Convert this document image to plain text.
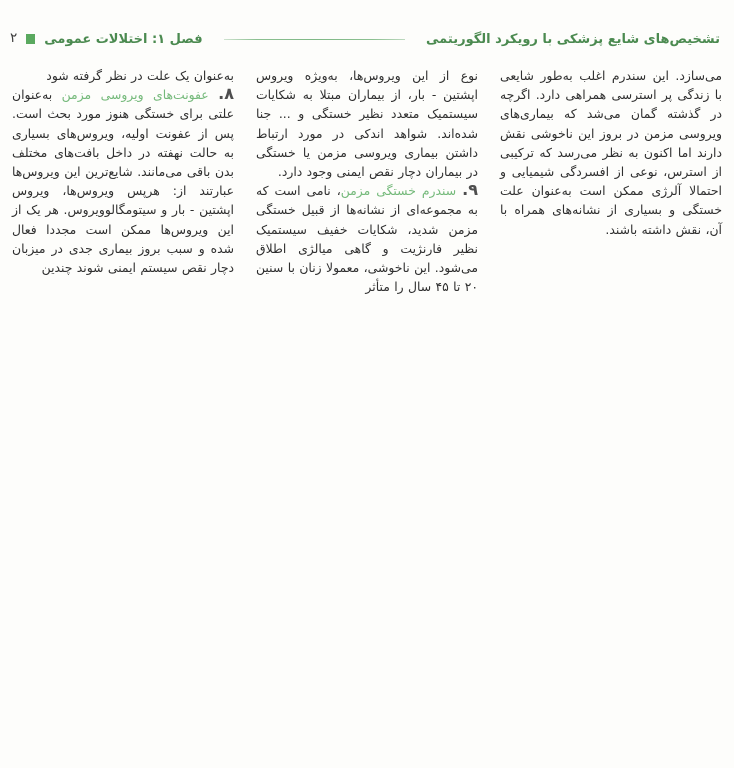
۲ فصل ۱: اختلالات عمومی	تشخیص‌های شایع پزشکی با رویکرد الگوریتمی

می‌سازد. این سندرم اغلب به‌طور شایعی با زندگی پر استرسی همراهی دارد. اگرچه در گذشته گمان می‌شد که بیماری‌های ویروسی مزمن در بروز این ناخوشی نقش دارند اما اکنون به نظر می‌رسد که ترکیبی از استرس، نوعی از افسردگی شیمیایی و احتمالا آلرژی ممکن است به‌عنوان علت خستگی و بسیاری از نشانه‌های همراه با آن، نقش داشته باشند.

نوع از این ویروس‌ها، به‌ویژه ویروس اپشتین - بار، از بیماران مبتلا به شکایات سیستمیک متعدد نظیر خستگی و ... جنا شده‌اند. شواهد اندکی در مورد ارتباط داشتن بیماری ویروسی مزمن یا خستگی در بیماران دچار نقص ایمنی وجود دارد.

۹. سندرم خستگی مزمن، نامی است که به مجموعه‌ای از نشانه‌ها از قبیل خستگی مزمن شدید، شکایات خفیف سیستمیک نظیر فارنژیت و گاهی میالژی اطلاق می‌شود. این ناخوشی، معمولا زنان با سنین ۲۰ تا ۴۵ سال را متأثر

به‌عنوان یک علت در نظر گرفته شود

۸. عفونت‌های ویروسی مزمن به‌عنوان علتی برای خستگی هنوز مورد بحث است. پس از عفونت اولیه، ویروس‌های بسیاری به حالت نهفته در داخل بافت‌های مختلف بدن باقی می‌مانند. شایع‌ترین این ویروس‌ها عبارتند از: هرپس ویروس‌ها، ویروس اپشتین - بار و سیتومگالوویروس. هر یک از این ویروس‌ها ممکن است مجددا فعال شده و سبب بروز بیماری جدی در میزبان دچار نقص سیستم ایمنی شوند چندین
